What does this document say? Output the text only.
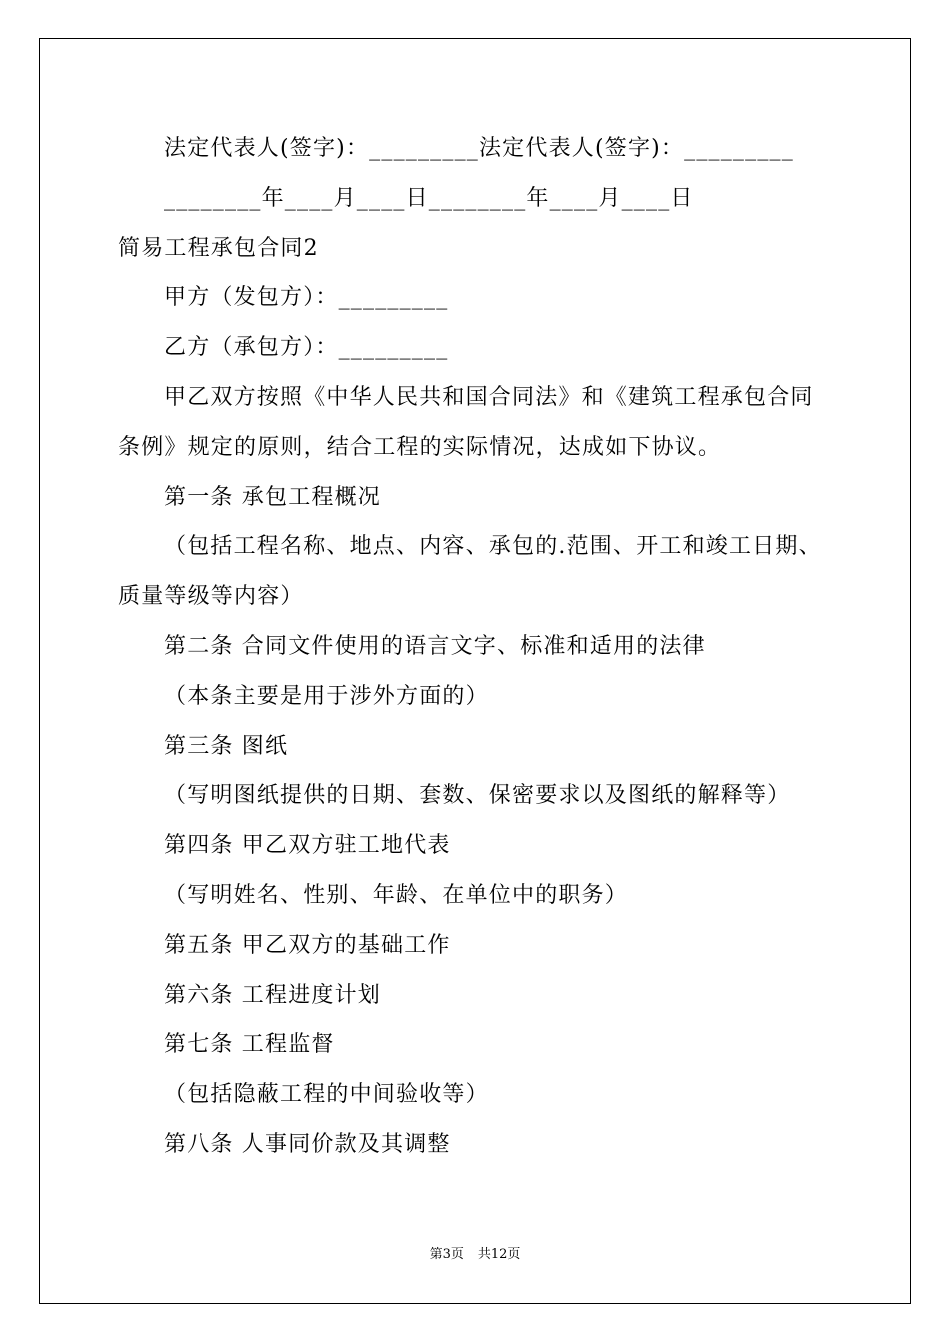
法定代表人(签字)：_________法定代表人(签字)：_________
________年____月____日________年____月____日
简易工程承包合同2
甲方（发包方）：_________
乙方（承包方）：_________
甲乙双方按照《中华人民共和国合同法》和《建筑工程承包合同
条例》规定的原则，结合工程的实际情况，达成如下协议。
第一条 承包工程概况
（包括工程名称、地点、内容、承包的.范围、开工和竣工日期、
质量等级等内容）
第二条 合同文件使用的语言文字、标准和适用的法律
（本条主要是用于涉外方面的）
第三条 图纸
（写明图纸提供的日期、套数、保密要求以及图纸的解释等）
第四条 甲乙双方驻工地代表
（写明姓名、性别、年龄、在单位中的职务）
第五条 甲乙双方的基础工作
第六条 工程进度计划
第七条 工程监督
（包括隐蔽工程的中间验收等）
第八条 人事同价款及其调整
第3页 共12页
